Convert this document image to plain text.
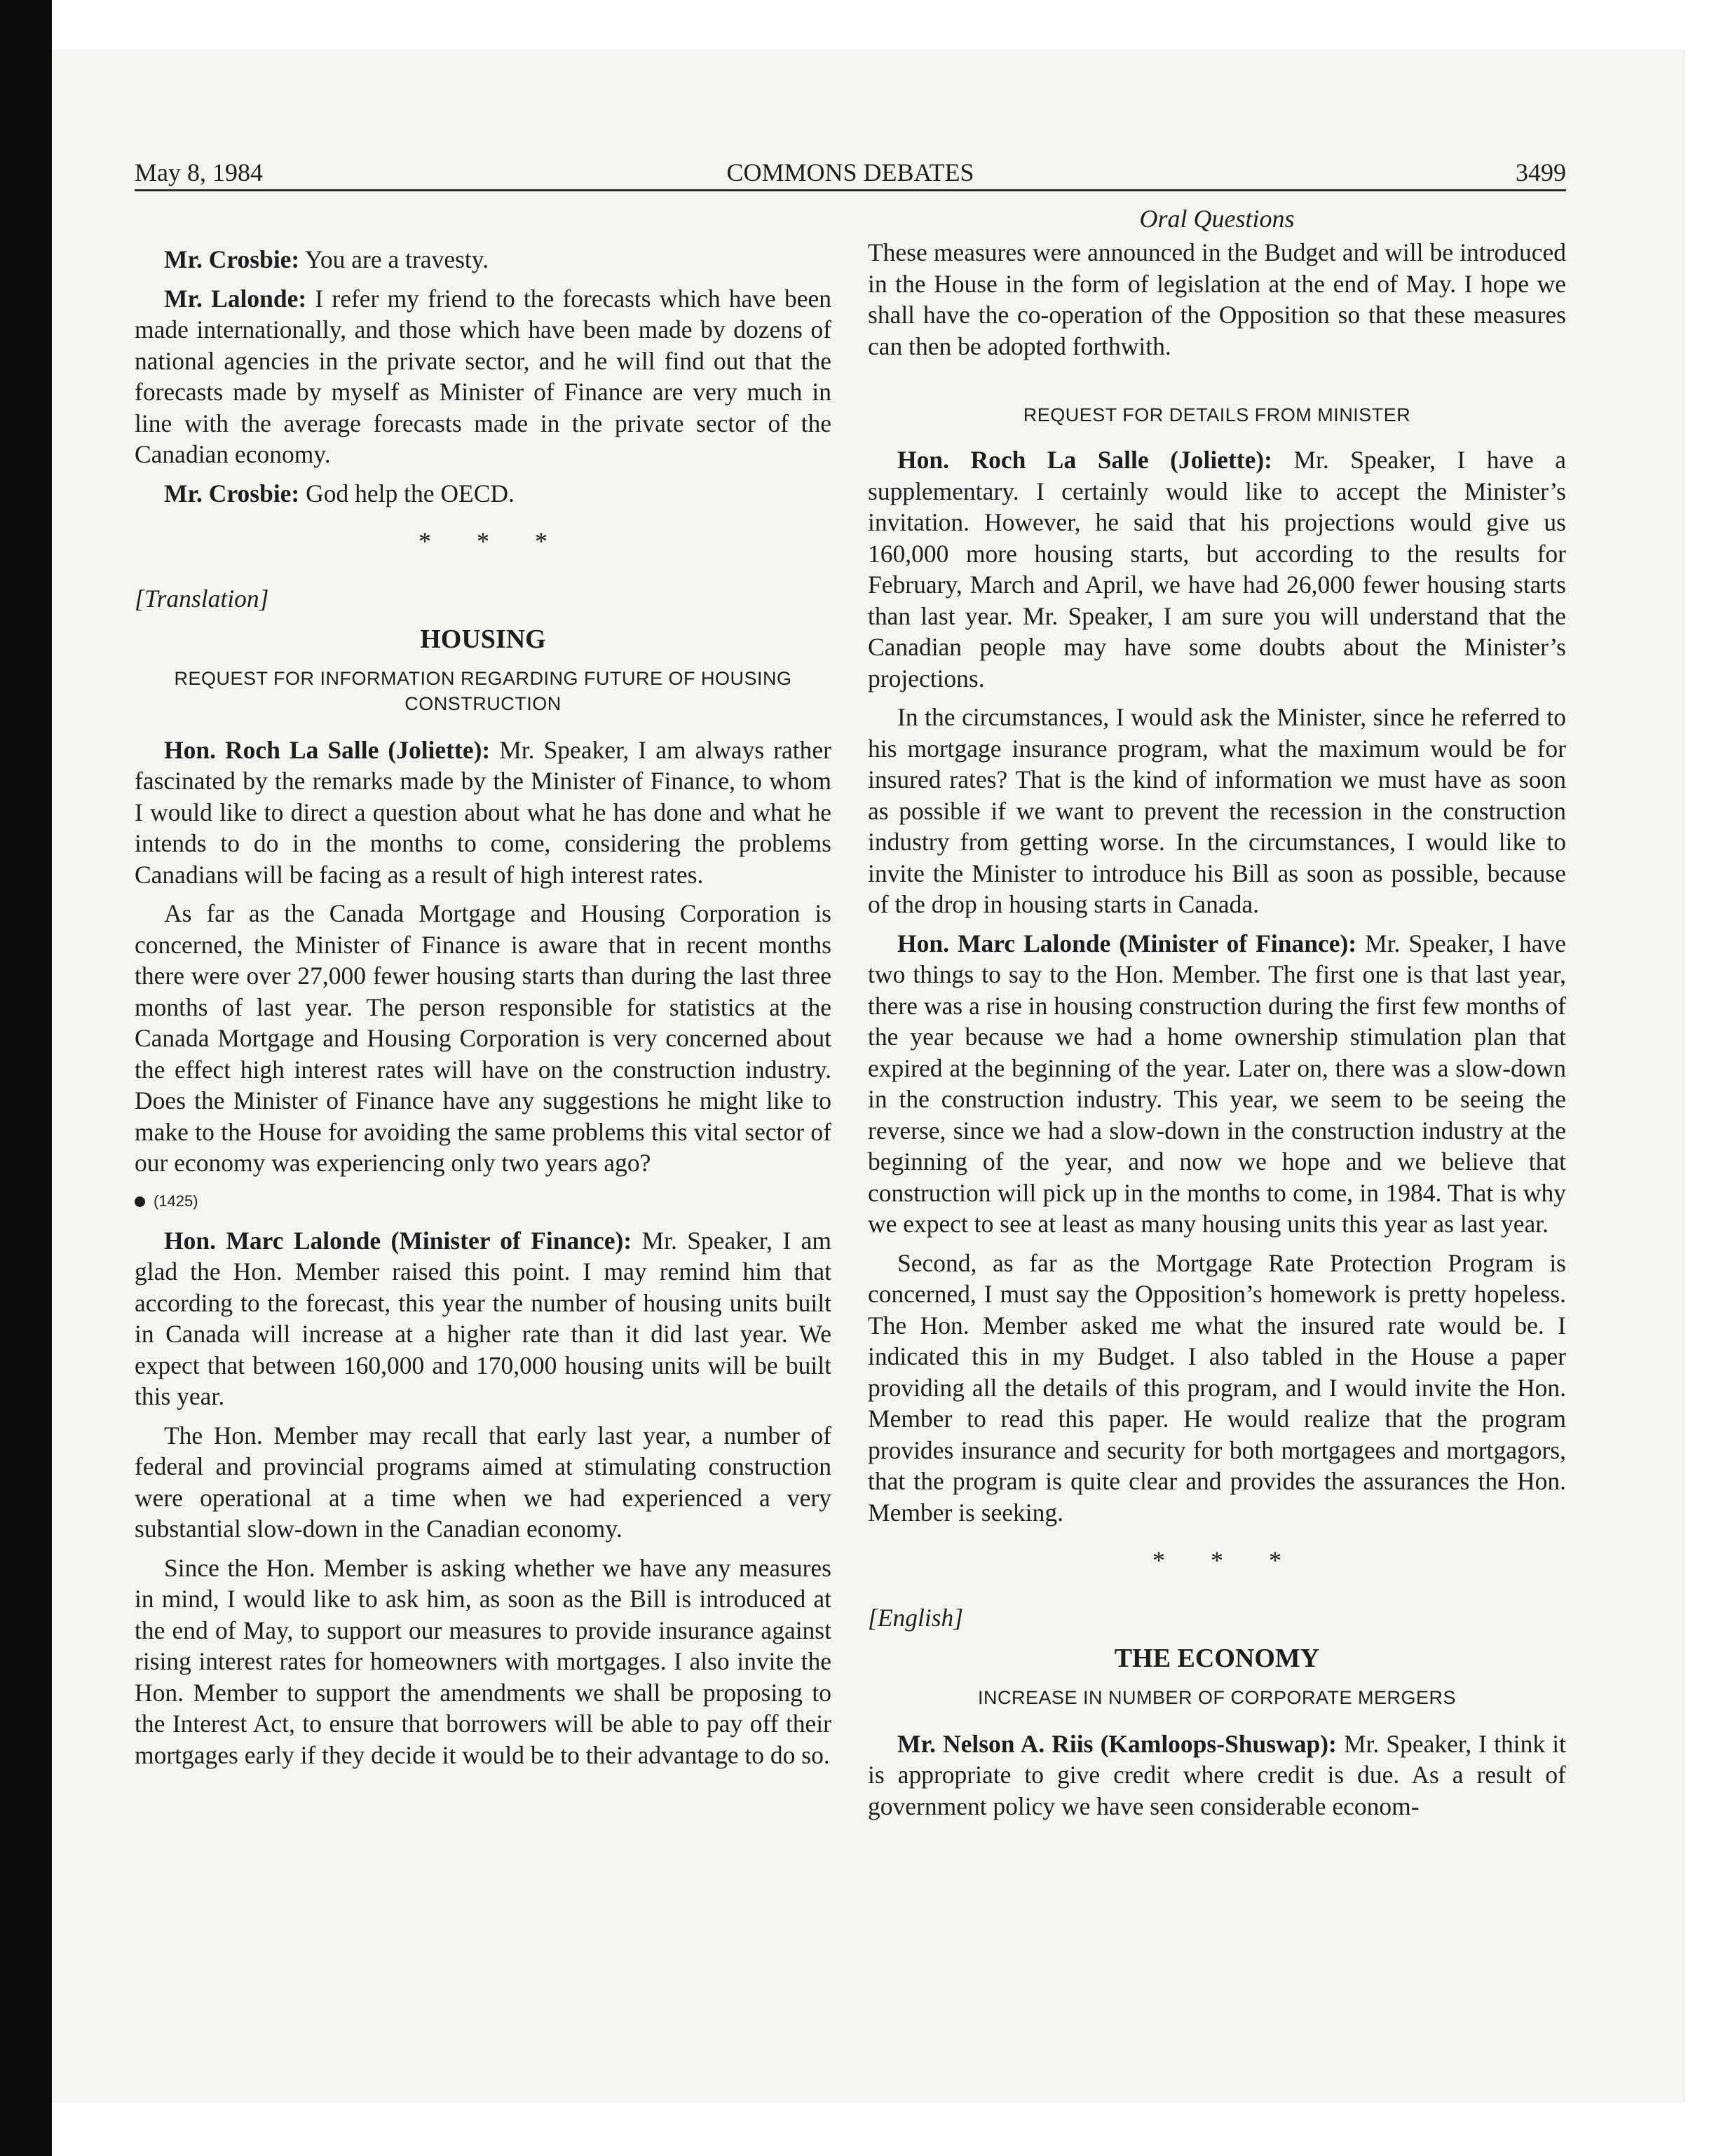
May 8, 1984	COMMONS DEBATES	3499

Mr. Crosbie: You are a travesty.

Mr. Lalonde: I refer my friend to the forecasts which have been made internationally, and those which have been made by dozens of national agencies in the private sector, and he will find out that the forecasts made by myself as Minister of Finance are very much in line with the average forecasts made in the private sector of the Canadian economy.

Mr. Crosbie: God help the OECD.

* * *

[Translation]

HOUSING
REQUEST FOR INFORMATION REGARDING FUTURE OF HOUSING CONSTRUCTION

Hon. Roch La Salle (Joliette): Mr. Speaker, I am always rather fascinated by the remarks made by the Minister of Finance, to whom I would like to direct a question about what he has done and what he intends to do in the months to come, considering the problems Canadians will be facing as a result of high interest rates.

As far as the Canada Mortgage and Housing Corporation is concerned, the Minister of Finance is aware that in recent months there were over 27,000 fewer housing starts than during the last three months of last year. The person responsible for statistics at the Canada Mortgage and Housing Corporation is very concerned about the effect high interest rates will have on the construction industry. Does the Minister of Finance have any suggestions he might like to make to the House for avoiding the same problems this vital sector of our economy was experiencing only two years ago?

(1425)

Hon. Marc Lalonde (Minister of Finance): Mr. Speaker, I am glad the Hon. Member raised this point. I may remind him that according to the forecast, this year the number of housing units built in Canada will increase at a higher rate than it did last year. We expect that between 160,000 and 170,000 housing units will be built this year.

The Hon. Member may recall that early last year, a number of federal and provincial programs aimed at stimulating construction were operational at a time when we had experienced a very substantial slow-down in the Canadian economy.

Since the Hon. Member is asking whether we have any measures in mind, I would like to ask him, as soon as the Bill is introduced at the end of May, to support our measures to provide insurance against rising interest rates for homeowners with mortgages. I also invite the Hon. Member to support the amendments we shall be proposing to the Interest Act, to ensure that borrowers will be able to pay off their mortgages early if they decide it would be to their advantage to do so.

Oral Questions

These measures were announced in the Budget and will be introduced in the House in the form of legislation at the end of May. I hope we shall have the co-operation of the Opposition so that these measures can then be adopted forthwith.

REQUEST FOR DETAILS FROM MINISTER

Hon. Roch La Salle (Joliette): Mr. Speaker, I have a supplementary. I certainly would like to accept the Minister’s invitation. However, he said that his projections would give us 160,000 more housing starts, but according to the results for February, March and April, we have had 26,000 fewer housing starts than last year. Mr. Speaker, I am sure you will understand that the Canadian people may have some doubts about the Minister’s projections.

In the circumstances, I would ask the Minister, since he referred to his mortgage insurance program, what the maximum would be for insured rates? That is the kind of information we must have as soon as possible if we want to prevent the recession in the construction industry from getting worse. In the circumstances, I would like to invite the Minister to introduce his Bill as soon as possible, because of the drop in housing starts in Canada.

Hon. Marc Lalonde (Minister of Finance): Mr. Speaker, I have two things to say to the Hon. Member. The first one is that last year, there was a rise in housing construction during the first few months of the year because we had a home ownership stimulation plan that expired at the beginning of the year. Later on, there was a slow-down in the construction industry. This year, we seem to be seeing the reverse, since we had a slow-down in the construction industry at the beginning of the year, and now we hope and we believe that construction will pick up in the months to come, in 1984. That is why we expect to see at least as many housing units this year as last year.

Second, as far as the Mortgage Rate Protection Program is concerned, I must say the Opposition’s homework is pretty hopeless. The Hon. Member asked me what the insured rate would be. I indicated this in my Budget. I also tabled in the House a paper providing all the details of this program, and I would invite the Hon. Member to read this paper. He would realize that the program provides insurance and security for both mortgagees and mortgagors, that the program is quite clear and provides the assurances the Hon. Member is seeking.

* * *

[English]

THE ECONOMY
INCREASE IN NUMBER OF CORPORATE MERGERS

Mr. Nelson A. Riis (Kamloops-Shuswap): Mr. Speaker, I think it is appropriate to give credit where credit is due. As a result of government policy we have seen considerable econom-
